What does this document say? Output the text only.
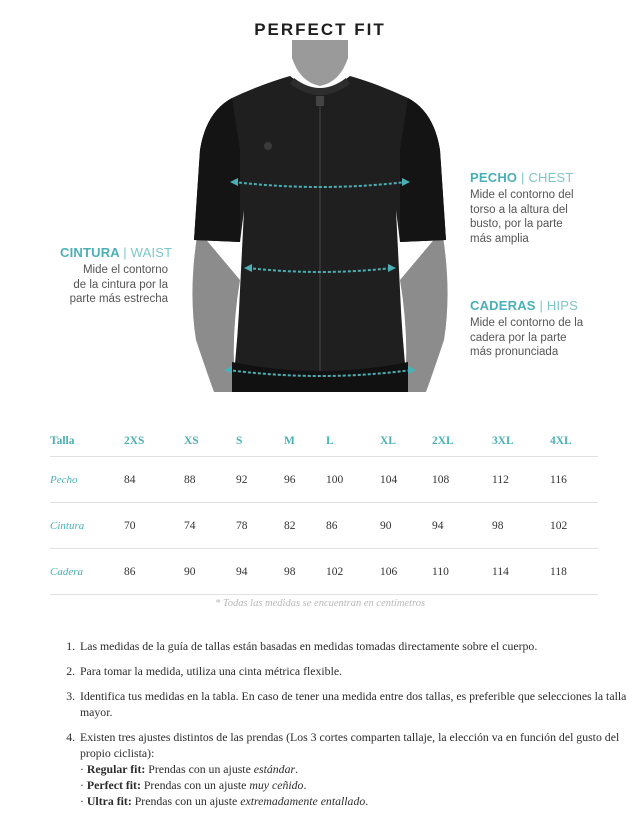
PERFECT FIT
PECHO | CHEST
Mide el contorno del
torso a la altura del
busto, por la parte
más amplia
CINTURA | WAIST
Mide el contorno
de la cintura por la
parte más estrecha	CADERAS | HIPS
Mide el contorno de la
cadera por la parte
más pronunciada
Talla	2XS	XS	S	M	L	XL	2XL	3XL	4XL
Pecho	84	88	92	96	100	104	108	112	116
Cintura	70	74	78	82	86	90	94	98	102
Cadera	86	90	94	98	102	106	110	114	118
* Todas las medidas se encuentran en centímetros
1. Las medidas de la guía de tallas están basadas en medidas tomadas directamente sobre el cuerpo.
2. Para tomar la medida, utiliza una cinta métrica flexible.
3. Identifica tus medidas en la tabla. En caso de tener una medida entre dos tallas, es preferible que selecciones la talla mayor.
4. Existen tres ajustes distintos de las prendas (Los 3 cortes comparten tallaje, la elección va en función del gusto del propio ciclista):
· Regular fit: Prendas con un ajuste estándar.
· Perfect fit: Prendas con un ajuste muy ceñido.
· Ultra fit: Prendas con un ajuste extremadamente entallado.
